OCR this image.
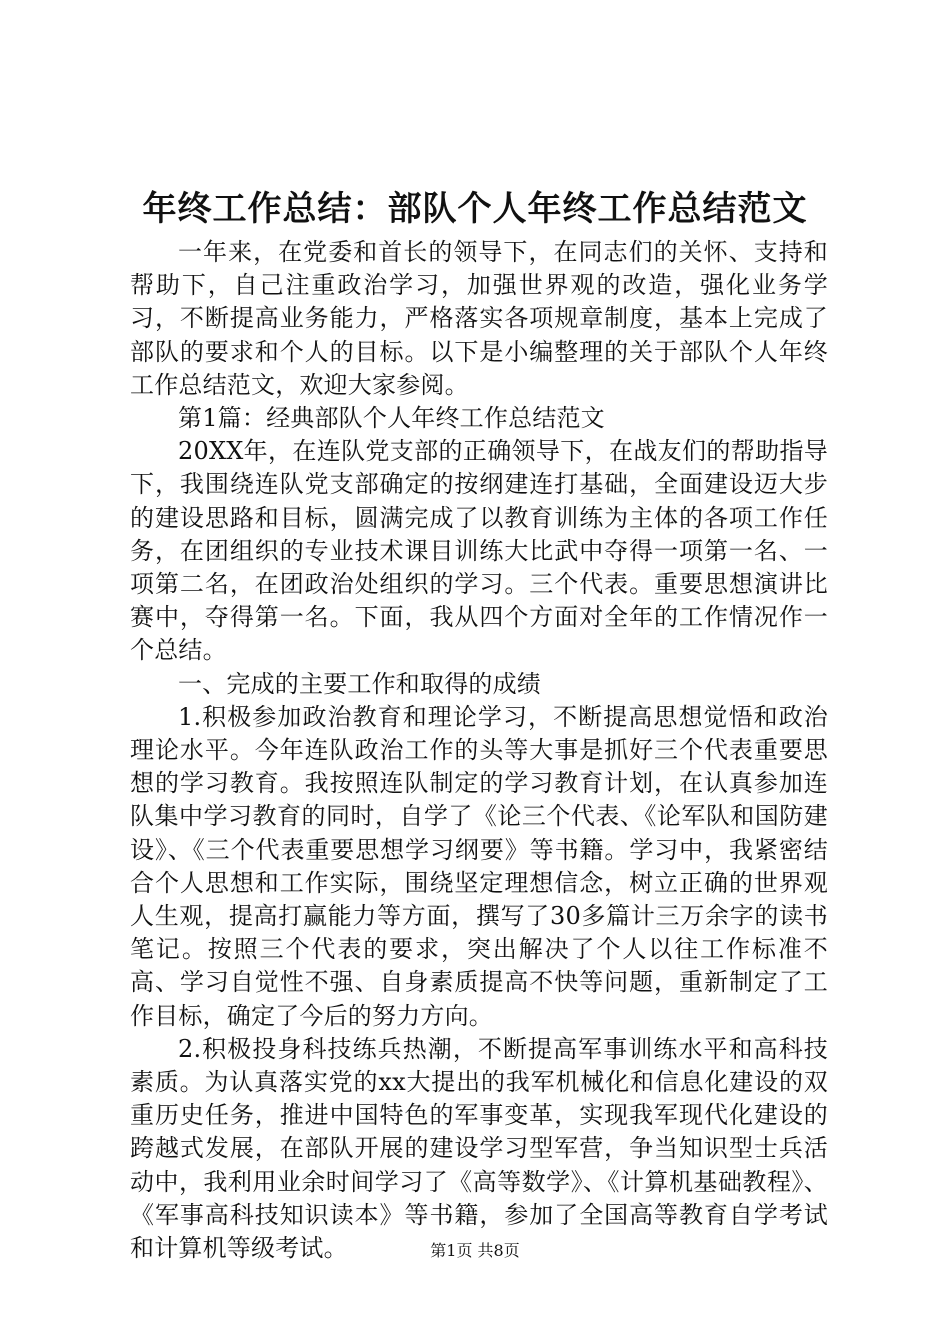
年终工作总结：部队个人年终工作总结范文

一年来，在党委和首长的领导下，在同志们的关怀、支持和帮助下，自己注重政治学习，加强世界观的改造，强化业务学习，不断提高业务能力，严格落实各项规章制度，基本上完成了部队的要求和个人的目标。以下是小编整理的关于部队个人年终工作总结范文，欢迎大家参阅。

第1篇：经典部队个人年终工作总结范文

20XX年，在连队党支部的正确领导下，在战友们的帮助指导下，我围绕连队党支部确定的按纲建连打基础，全面建设迈大步的建设思路和目标，圆满完成了以教育训练为主体的各项工作任务，在团组织的专业技术课目训练大比武中夺得一项第一名、一项第二名，在团政治处组织的学习。三个代表。重要思想演讲比赛中，夺得第一名。下面，我从四个方面对全年的工作情况作一个总结。

一、完成的主要工作和取得的成绩

1.积极参加政治教育和理论学习，不断提高思想觉悟和政治理论水平。今年连队政治工作的头等大事是抓好三个代表重要思想的学习教育。我按照连队制定的学习教育计划，在认真参加连队集中学习教育的同时，自学了《论三个代表、《论军队和国防建设》、《三个代表重要思想学习纲要》等书籍。学习中，我紧密结合个人思想和工作实际，围绕坚定理想信念，树立正确的世界观人生观，提高打赢能力等方面，撰写了30多篇计三万余字的读书笔记。按照三个代表的要求，突出解决了个人以往工作标准不高、学习自觉性不强、自身素质提高不快等问题，重新制定了工作目标，确定了今后的努力方向。

2.积极投身科技练兵热潮，不断提高军事训练水平和高科技素质。为认真落实党的xx大提出的我军机械化和信息化建设的双重历史任务，推进中国特色的军事变革，实现我军现代化建设的跨越式发展，在部队开展的建设学习型军营，争当知识型士兵活动中，我利用业余时间学习了《高等数学》、《计算机基础教程》、《军事高科技知识读本》等书籍，参加了全国高等教育自学考试和计算机等级考试。	第1页 共8页
